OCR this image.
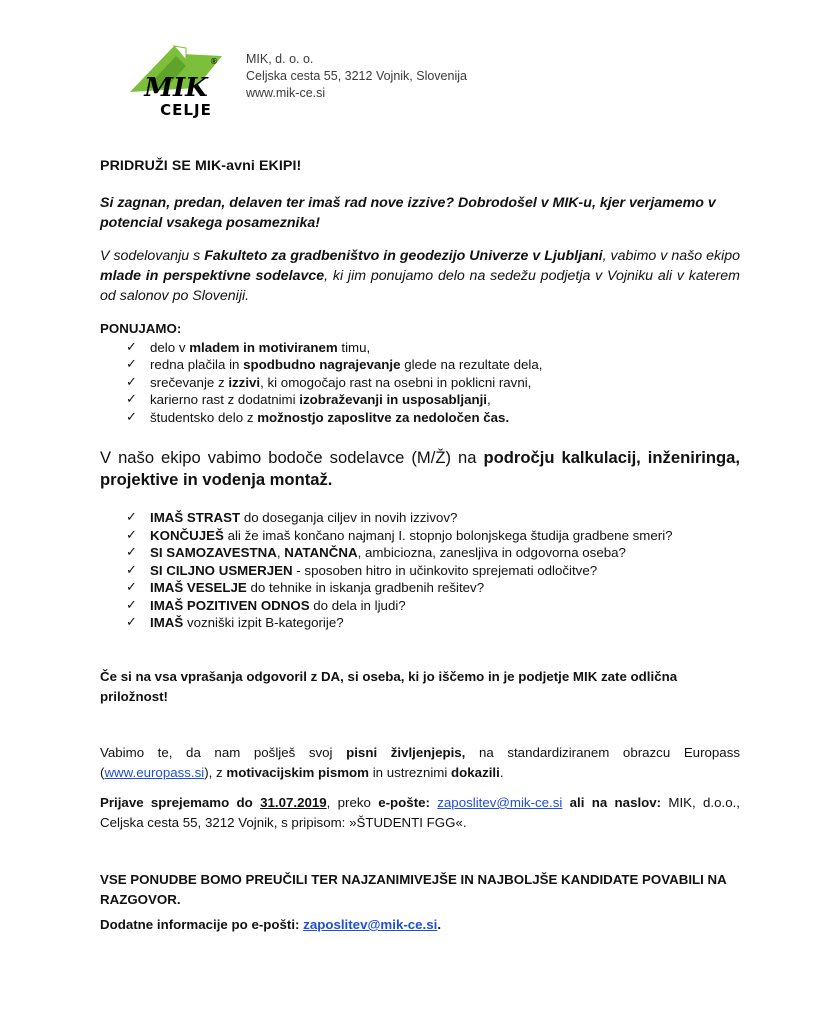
MIK
®
CELJE
MIK, d. o. o.
Celjska cesta 55, 3212 Vojnik, Slovenija
www.mik-ce.si
PRIDRUŽI SE MIK-avni EKIPI!
Si zagnan, predan, delaven ter imaš rad nove izzive? Dobrodošel v MIK-u, kjer verjamemo v potencial vsakega posameznika!
V sodelovanju s Fakulteto za gradbeništvo in geodezijo Univerze v Ljubljani, vabimo v našo ekipo mlade in perspektivne sodelavce, ki jim ponujamo delo na sedežu podjetja v Vojniku ali v katerem od salonov po Sloveniji.
PONUJAMO:
✓ delo v mladem in motiviranem timu,
✓ redna plačila in spodbudno nagrajevanje glede na rezultate dela,
✓ srečevanje z izzivi, ki omogočajo rast na osebni in poklicni ravni,
✓ karierno rast z dodatnimi izobraževanji in usposabljanji,
✓ študentsko delo z možnostjo zaposlitve za nedoločen čas.
V našo ekipo vabimo bodoče sodelavce (M/Ž) na področju kalkulacij, inženiringa, projektive in vodenja montaž.
✓ IMAŠ STRAST do doseganja ciljev in novih izzivov?
✓ KONČUJEŠ ali že imaš končano najmanj I. stopnjo bolonjskega študija gradbene smeri?
✓ SI SAMOZAVESTNA, NATANČNA, ambiciozna, zanesljiva in odgovorna oseba?
✓ SI CILJNO USMERJEN - sposoben hitro in učinkovito sprejemati odločitve?
✓ IMAŠ VESELJE do tehnike in iskanja gradbenih rešitev?
✓ IMAŠ POZITIVEN ODNOS do dela in ljudi?
✓ IMAŠ vozniški izpit B-kategorije?
Če si na vsa vprašanja odgovoril z DA, si oseba, ki jo iščemo in je podjetje MIK zate odlična priložnost!
Vabimo te, da nam pošlješ svoj pisni življenjepis, na standardiziranem obrazcu Europass (www.europass.si), z motivacijskim pismom in ustreznimi dokazili.
Prijave sprejemamo do 31.07.2019, preko e-pošte: zaposlitev@mik-ce.si ali na naslov: MIK, d.o.o., Celjska cesta 55, 3212 Vojnik, s pripisom: »ŠTUDENTI FGG«.
VSE PONUDBE BOMO PREUČILI TER NAJZANIMIVEJŠE IN NAJBOLJŠE KANDIDATE POVABILI NA RAZGOVOR.
Dodatne informacije po e-pošti: zaposlitev@mik-ce.si.
